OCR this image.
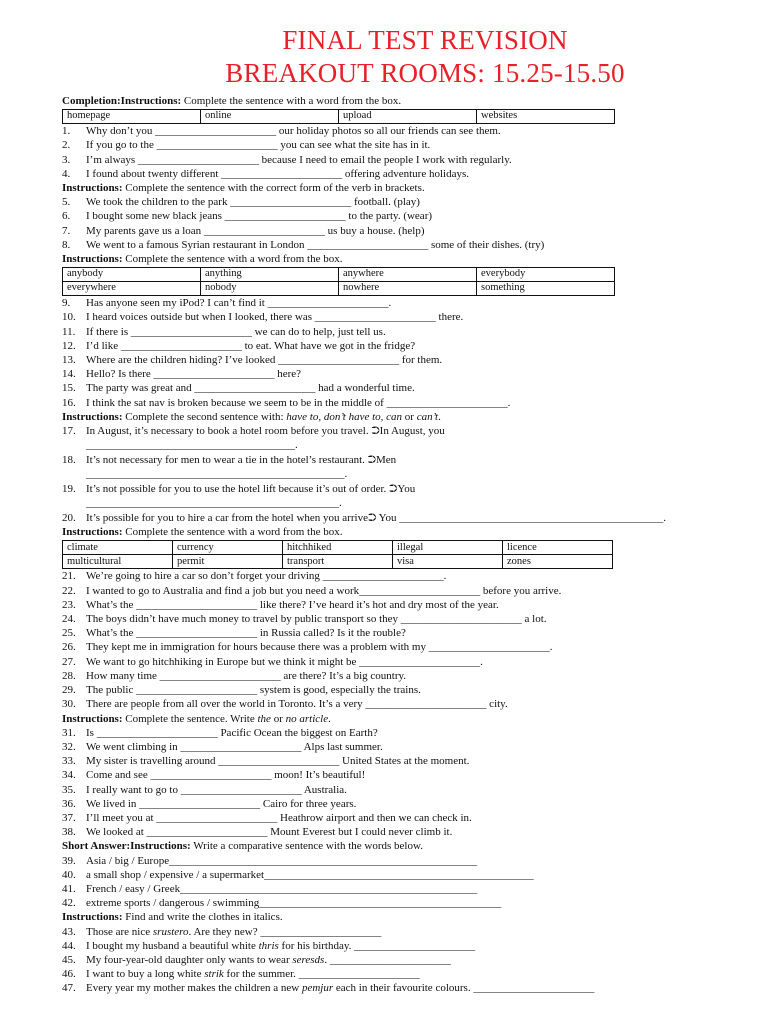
FINAL TEST REVISION
BREAKOUT ROOMS: 15.25-15.50
Completion:Instructions: Complete the sentence with a word from the box.
homepage	online	upload	websites
1.	Why don’t you ______________________ our holiday photos so all our friends can see them.
2.	If you go to the ______________________ you can see what the site has in it.
3.	I’m always ______________________ because I need to email the people I work with regularly.
4.	I found about twenty different ______________________ offering adventure holidays.
Instructions: Complete the sentence with the correct form of the verb in brackets.
5.	We took the children to the park ______________________ football. (play)
6.	I bought some new black jeans ______________________ to the party. (wear)
7.	My parents gave us a loan ______________________ us buy a house. (help)
8.	We went to a famous Syrian restaurant in London ______________________ some of their dishes. (try)
Instructions: Complete the sentence with a word from the box.
anybody	anything	anywhere	everybody
everywhere	nobody	nowhere	something
9.	Has anyone seen my iPod? I can’t find it ______________________.
10. I heard voices outside but when I looked, there was ______________________ there.
11. If there is ______________________ we can do to help, just tell us.
12. I’d like ______________________ to eat. What have we got in the fridge?
13. Where are the children hiding? I’ve looked ______________________ for them.
14. Hello? Is there ______________________ here?
15. The party was great and ______________________ had a wonderful time.
16. I think the sat nav is broken because we seem to be in the middle of ______________________.
Instructions: Complete the second sentence with: have to, don’t have to, can or can’t.
17. In August, it’s necessary to book a hotel room before you travel. ⮊In August, you
______________________________________.
18. It’s not necessary for men to wear a tie in the hotel’s restaurant. ⮊Men
_______________________________________________.
19. It’s not possible for you to use the hotel lift because it’s out of order. ⮊You
______________________________________________.
20. It’s possible for you to hire a car from the hotel when you arrive⮊ You ________________________________________________.
Instructions: Complete the sentence with a word from the box.
climate	currency	hitchhiked	illegal	licence
multicultural	permit	transport	visa	zones
21. We’re going to hire a car so don’t forget your driving ______________________.
22. I wanted to go to Australia and find a job but you need a work______________________ before you arrive.
23. What’s the ______________________ like there? I’ve heard it’s hot and dry most of the year.
24. The boys didn’t have much money to travel by public transport so they ______________________ a lot.
25. What’s the ______________________ in Russia called? Is it the rouble?
26. They kept me in immigration for hours because there was a problem with my ______________________.
27. We want to go hitchhiking in Europe but we think it might be ______________________.
28. How many time ______________________ are there? It’s a big country.
29. The public ______________________ system is good, especially the trains.
30. There are people from all over the world in Toronto. It’s a very ______________________ city.
Instructions: Complete the sentence. Write the or no article.
31. Is ______________________ Pacific Ocean the biggest on Earth?
32. We went climbing in ______________________ Alps last summer.
33. My sister is travelling around ______________________ United States at the moment.
34. Come and see ______________________ moon! It’s beautiful!
35. I really want to go to ______________________ Australia.
36. We lived in ______________________ Cairo for three years.
37. I’ll meet you at ______________________ Heathrow airport and then we can check in.
38. We looked at ______________________ Mount Everest but I could never climb it.
Short Answer:Instructions: Write a comparative sentence with the words below.
39. Asia / big / Europe________________________________________________________
40. a small shop / expensive / a supermarket_________________________________________________
41. French / easy / Greek______________________________________________________
42. extreme sports / dangerous / swimming____________________________________________
Instructions: Find and write the clothes in italics.
43. Those are nice srustero. Are they new? ______________________
44. I bought my husband a beautiful white thris for his birthday. ______________________
45. My four-year-old daughter only wants to wear seresds. ______________________
46. I want to buy a long white strik for the summer. ______________________
47. Every year my mother makes the children a new pemjur each in their favourite colours. ______________________
